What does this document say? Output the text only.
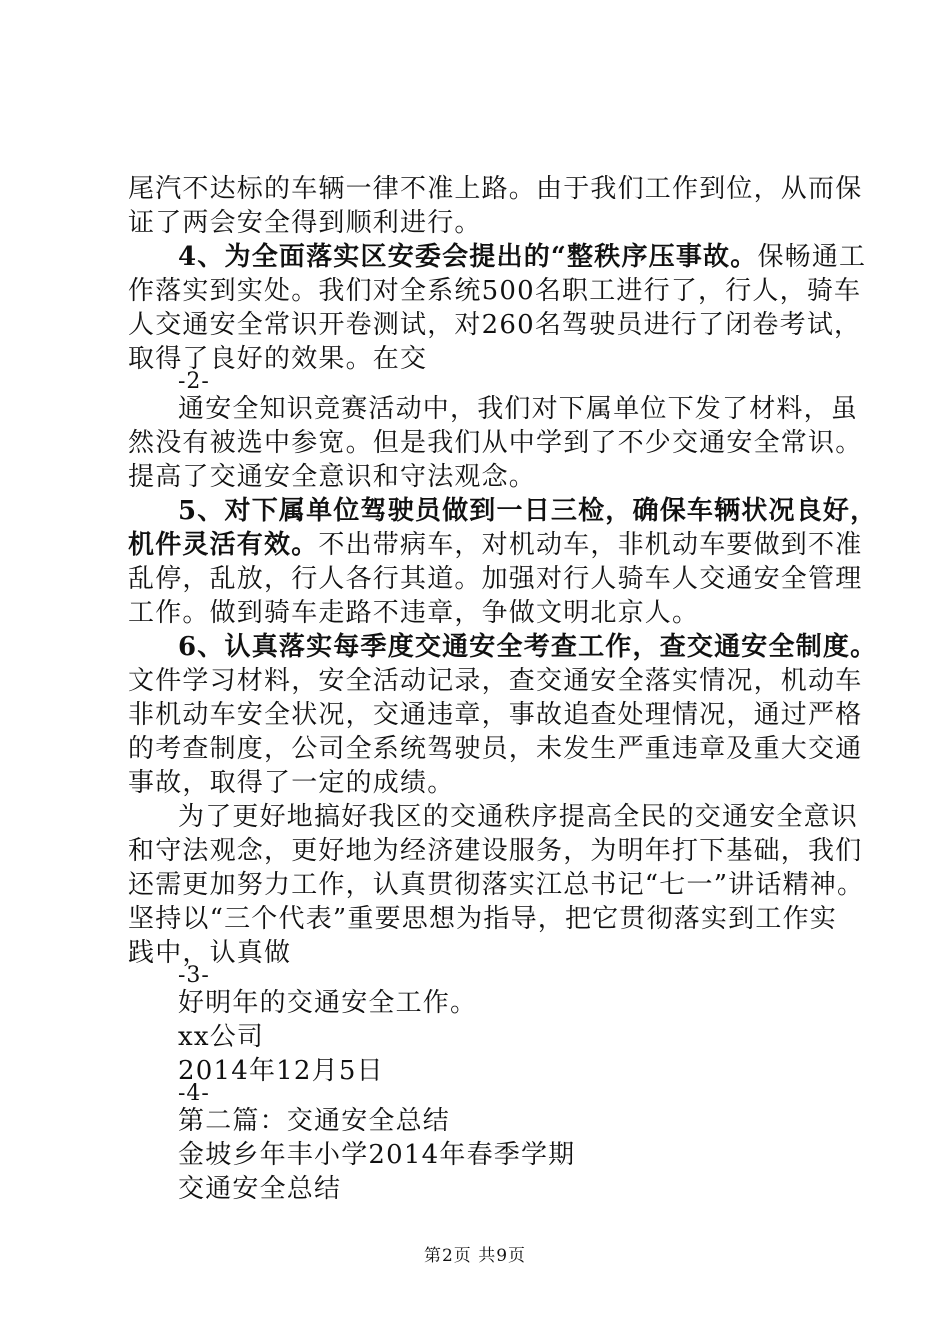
尾汽不达标的车辆一律不准上路。由于我们工作到位，从而保
证了两会安全得到顺利进行。
4、为全面落实区安委会提出的“整秩序压事故。保畅通工
作落实到实处。我们对全系统500名职工进行了，行人，骑车
人交通安全常识开卷测试，对260名驾驶员进行了闭卷考试，
取得了良好的效果。在交
-2-
通安全知识竞赛活动中，我们对下属单位下发了材料，虽
然没有被选中参宽。但是我们从中学到了不少交通安全常识。
提高了交通安全意识和守法观念。
5、对下属单位驾驶员做到一日三检，确保车辆状况良好，
机件灵活有效。不出带病车，对机动车，非机动车要做到不准
乱停，乱放，行人各行其道。加强对行人骑车人交通安全管理
工作。做到骑车走路不违章，争做文明北京人。
6、认真落实每季度交通安全考查工作，查交通安全制度。
文件学习材料，安全活动记录，查交通安全落实情况，机动车
非机动车安全状况，交通违章，事故追查处理情况，通过严格
的考查制度，公司全系统驾驶员，未发生严重违章及重大交通
事故，取得了一定的成绩。
为了更好地搞好我区的交通秩序提高全民的交通安全意识
和守法观念，更好地为经济建设服务，为明年打下基础，我们
还需更加努力工作，认真贯彻落实江总书记“七一”讲话精神。
坚持以“三个代表”重要思想为指导，把它贯彻落实到工作实
践中，认真做
-3-
好明年的交通安全工作。
xx公司
2014年12月5日
-4-
第二篇：交通安全总结
金坡乡年丰小学2014年春季学期
交通安全总结
第2页 共9页
